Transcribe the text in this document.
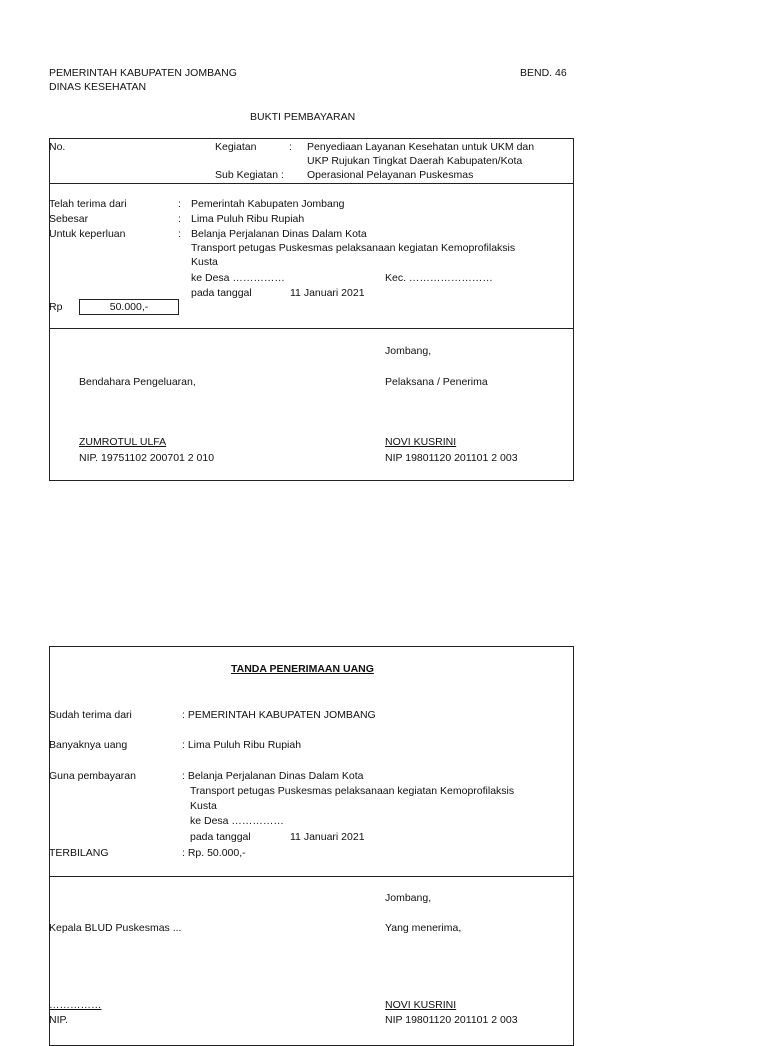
PEMERINTAH KABUPATEN JOMBANG
DINAS KESEHATAN
BEND. 46
BUKTI PEMBAYARAN
No.	Kegiatan	: Penyediaan Layanan Kesehatan untuk UKM dan
UKP Rujukan Tingkat Daerah Kabupaten/Kota
Sub Kegiatan : Operasional Pelayanan Puskesmas
Telah terima dari	: Pemerintah Kabupaten Jombang
Sebesar	: Lima Puluh Ribu Rupiah
Untuk keperluan	: Belanja Perjalanan Dinas Dalam Kota
Transport petugas Puskesmas pelaksanaan kegiatan Kemoprofilaksis
Kusta
ke Desa ……………	Kec. ……………………
pada tanggal	11 Januari 2021
Rp	50.000,-
Jombang,
Bendahara Pengeluaran,	Pelaksana / Penerima
ZUMROTUL ULFA
NIP. 19751102 200701 2 010
NOVI KUSRINI
NIP 19801120 201101 2 003
TANDA PENERIMAAN UANG
Sudah terima dari	: PEMERINTAH KABUPATEN JOMBANG
Banyaknya uang	: Lima Puluh Ribu Rupiah
Guna pembayaran	: Belanja Perjalanan Dinas Dalam Kota
Transport petugas Puskesmas pelaksanaan kegiatan Kemoprofilaksis
Kusta
ke Desa ……………
pada tanggal	11 Januari 2021
TERBILANG	: Rp. 50.000,-
Jombang,
Kepala BLUD Puskesmas ...	Yang menerima,
……………
NIP.
NOVI KUSRINI
NIP 19801120 201101 2 003
